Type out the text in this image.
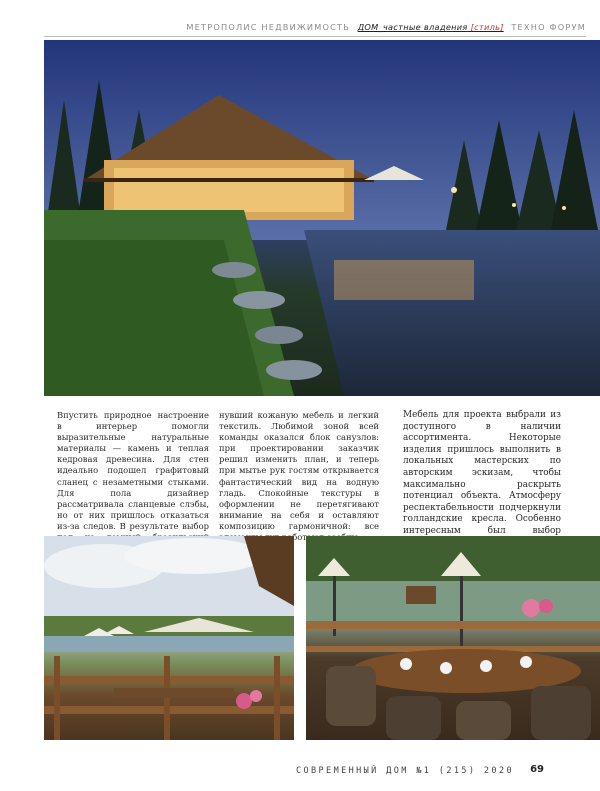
МЕТРОПОЛИС НЕДВИЖИМОСТЬ ДОМ_частные владения [стиль] ТЕХНО ФОРУМ
Впустить природное настроение в интерьер помогли выразительные натуральные материалы — камень и теплая кедровая древесина. Для стен идеально подошел графитовый сланец с незаметными стыками. Для пола дизайнер рассматривала сланцевые слэбы, но от них пришлось отказаться из-за следов. В результате выбор
нувший кожаную мебель и легкий текстиль. Любимой зоной всей команды оказался блок санузлов: при проектировании заказчик решил изменить план, и теперь при мытье рук гостям открывается фантастический вид на водную гладь. Спокойные текстуры в оформлении не перетягивают внимание на себя и оставляют композицию гармоничной: все работают
Мебель для проекта выбрали из доступного в наличии ассортимента. Некоторые изделия пришлось выполнить в локальных мастерских по авторским эскизам, чтобы максимально раскрыть потенциал объекта. Атмосферу респектабельности подчеркнули голландские кресла. Особенно интересным был выбор
СОВРЕМЕННЫЙ ДОМ №1 (215) 2020 69
